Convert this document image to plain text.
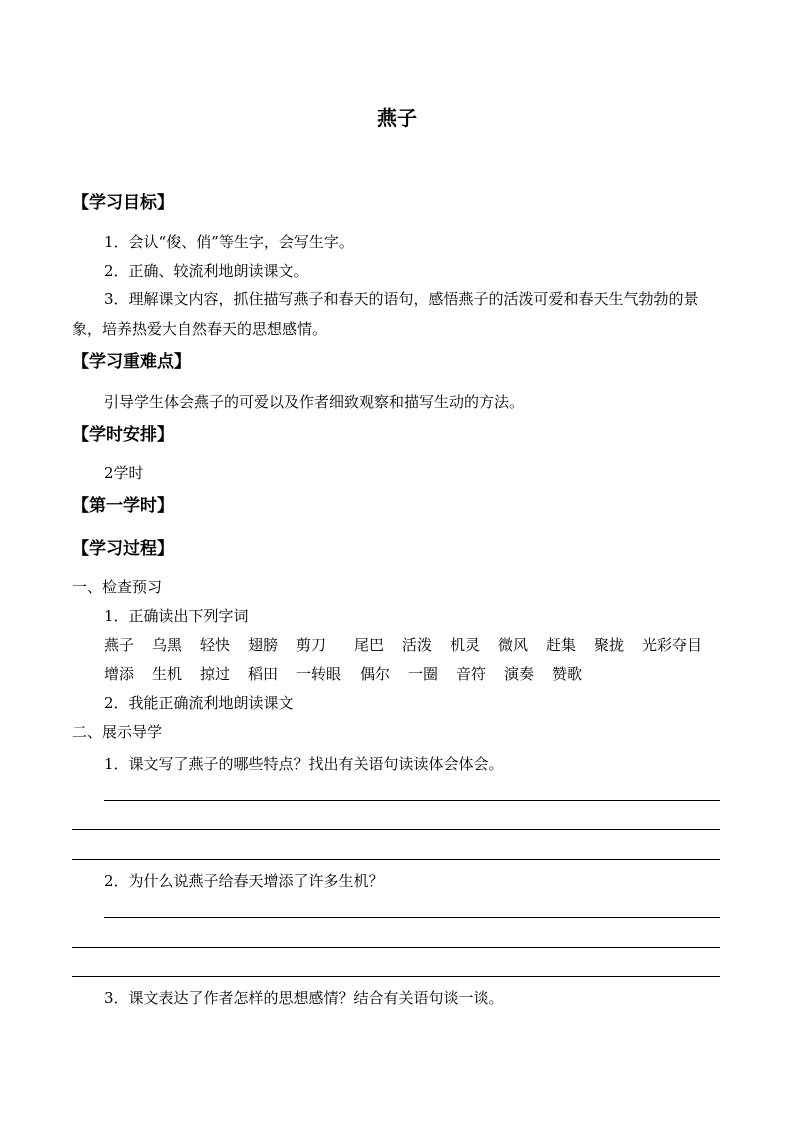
燕子
【学习目标】
1．会认“俊、俏”等生字，会写生字。
2．正确、较流利地朗读课文。
3．理解课文内容，抓住描写燕子和春天的语句，感悟燕子的活泼可爱和春天生气勃勃的景象，培养热爱大自然春天的思想感情。
【学习重难点】
引导学生体会燕子的可爱以及作者细致观察和描写生动的方法。
【学时安排】
2学时
【第一学时】
【学习过程】
一、检查预习
1．正确读出下列字词
燕子	乌黑	轻快	翅膀	剪刀	尾巴	活泼	机灵	微风	赶集	聚拢	光彩夺目
增添	生机	掠过	稻田	一转眼	偶尔	一圈	音符	演奏	赞歌
2．我能正确流利地朗读课文
二、展示导学
1．课文写了燕子的哪些特点？找出有关语句读读体会体会。
2．为什么说燕子给春天增添了许多生机？
3．课文表达了作者怎样的思想感情？结合有关语句谈一谈。
